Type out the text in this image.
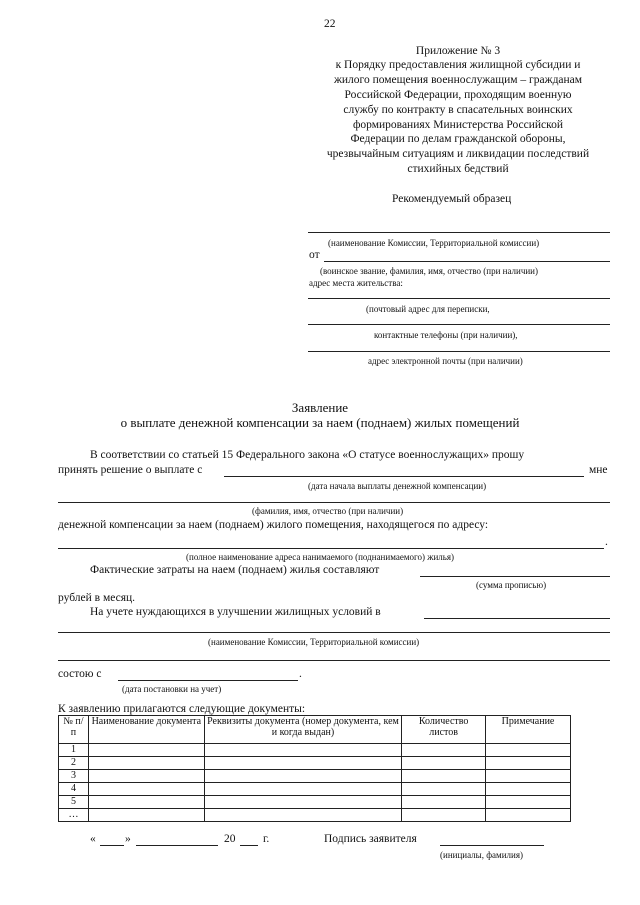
22
Приложение № 3
к Порядку предоставления жилищной субсидии и
жилого помещения военнослужащим – гражданам
Российской Федерации, проходящим военную
службу по контракту в спасательных воинских
формированиях Министерства Российской
Федерации по делам гражданской обороны,
чрезвычайным ситуациям и ликвидации последствий
стихийных бедствий
Рекомендуемый образец
(наименование Комиссии, Территориальной комиссии)
от
(воинское звание, фамилия, имя, отчество (при наличии)
адрес места жительства:
(почтовый адрес для переписки,
контактные телефоны (при наличии),
адрес электронной почты (при наличии)
Заявление
о выплате денежной компенсации за наем (поднаем) жилых помещений
В соответствии со статьей 15 Федерального закона «О статусе военнослужащих» прошу
принять решение о выплате с	мне
(дата начала выплаты денежной компенсации)
(фамилия, имя, отчество (при наличии)
денежной компенсации за наем (поднаем) жилого помещения, находящегося по адресу:
.
(полное наименование адреса нанимаемого (поднанимаемого) жилья)
Фактические затраты на наем (поднаем) жилья составляют
(сумма прописью)
рублей в месяц.
На учете нуждающихся в улучшении жилищных условий в
(наименование Комиссии, Территориальной комиссии)
состою с	.
(дата постановки на учет)
К заявлению прилагаются следующие документы:
№ п/п	Наименование документа	Реквизиты документа (номер документа, кем и когда выдан)	Количество листов	Примечание
1				
2				
3				
4				
5				
…				
«	»	20 г.	Подпись заявителя
(инициалы, фамилия)
